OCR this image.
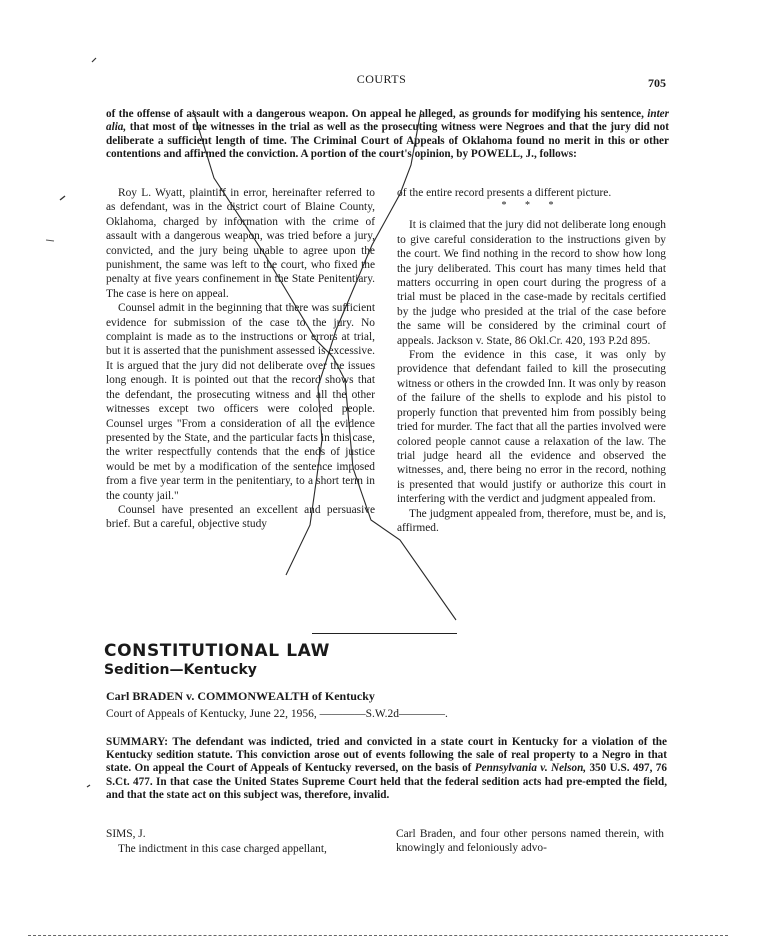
COURTS	705

of the offense of assault with a dangerous weapon. On appeal he alleged, as grounds for modifying his sentence, inter alia, that most of the witnesses in the trial as well as the prosecuting witness were Negroes and that the jury did not deliberate a sufficient length of time. The Criminal Court of Appeals of Oklahoma found no merit in this or other contentions and affirmed the conviction. A portion of the court's opinion, by POWELL, J., follows:

Roy L. Wyatt, plaintiff in error, hereinafter referred to as defendant, was in the district court of Blaine County, Oklahoma, charged by information with the crime of assault with a dangerous weapon, was tried before a jury, convicted, and the jury being unable to agree upon the punishment, the same was left to the court, who fixed the penalty at five years confinement in the State Penitentiary. The case is here on appeal.

Counsel admit in the beginning that there was sufficient evidence for submission of the case to the jury. No complaint is made as to the instructions or errors at trial, but it is asserted that the punishment assessed is excessive. It is argued that the jury did not deliberate over the issues long enough. It is pointed out that the record shows that the defendant, the prosecuting witness and all the other witnesses except two officers were colored people. Counsel urges "From a consideration of all the evidence presented by the State, and the particular facts in this case, the writer respectfully contends that the ends of justice would be met by a modification of the sentence imposed from a five year term in the penitentiary, to a short term in the county jail."

Counsel have presented an excellent and persuasive brief. But a careful, objective study

of the entire record presents a different picture.

* * *

It is claimed that the jury did not deliberate long enough to give careful consideration to the instructions given by the court. We find nothing in the record to show how long the jury deliberated. This court has many times held that matters occurring in open court during the progress of a trial must be placed in the case-made by recitals certified by the judge who presided at the trial of the case before the same will be considered by the criminal court of appeals. Jackson v. State, 86 Okl.Cr. 420, 193 P.2d 895.

From the evidence in this case, it was only by providence that defendant failed to kill the prosecuting witness or others in the crowded Inn. It was only by reason of the failure of the shells to explode and his pistol to properly function that prevented him from possibly being tried for murder. The fact that all the parties involved were colored people cannot cause a relaxation of the law. The trial judge heard all the evidence and observed the witnesses, and, there being no error in the record, nothing is presented that would justify or authorize this court in interfering with the verdict and judgment appealed from.

The judgment appealed from, therefore, must be, and is, affirmed.

CONSTITUTIONAL LAW
Sedition—Kentucky

Carl BRADEN v. COMMONWEALTH of Kentucky

Court of Appeals of Kentucky, June 22, 1956, ————S.W.2d————.

SUMMARY: The defendant was indicted, tried and convicted in a state court in Kentucky for a violation of the Kentucky sedition statute. This conviction arose out of events following the sale of real property to a Negro in that state. On appeal the Court of Appeals of Kentucky reversed, on the basis of Pennsylvania v. Nelson, 350 U.S. 497, 76 S.Ct. 477. In that case the United States Supreme Court held that the federal sedition acts had pre-empted the field, and that the state act on this subject was, therefore, invalid.

SIMS, J.

The indictment in this case charged appellant,

Carl Braden, and four other persons named therein, with knowingly and feloniously advo-
